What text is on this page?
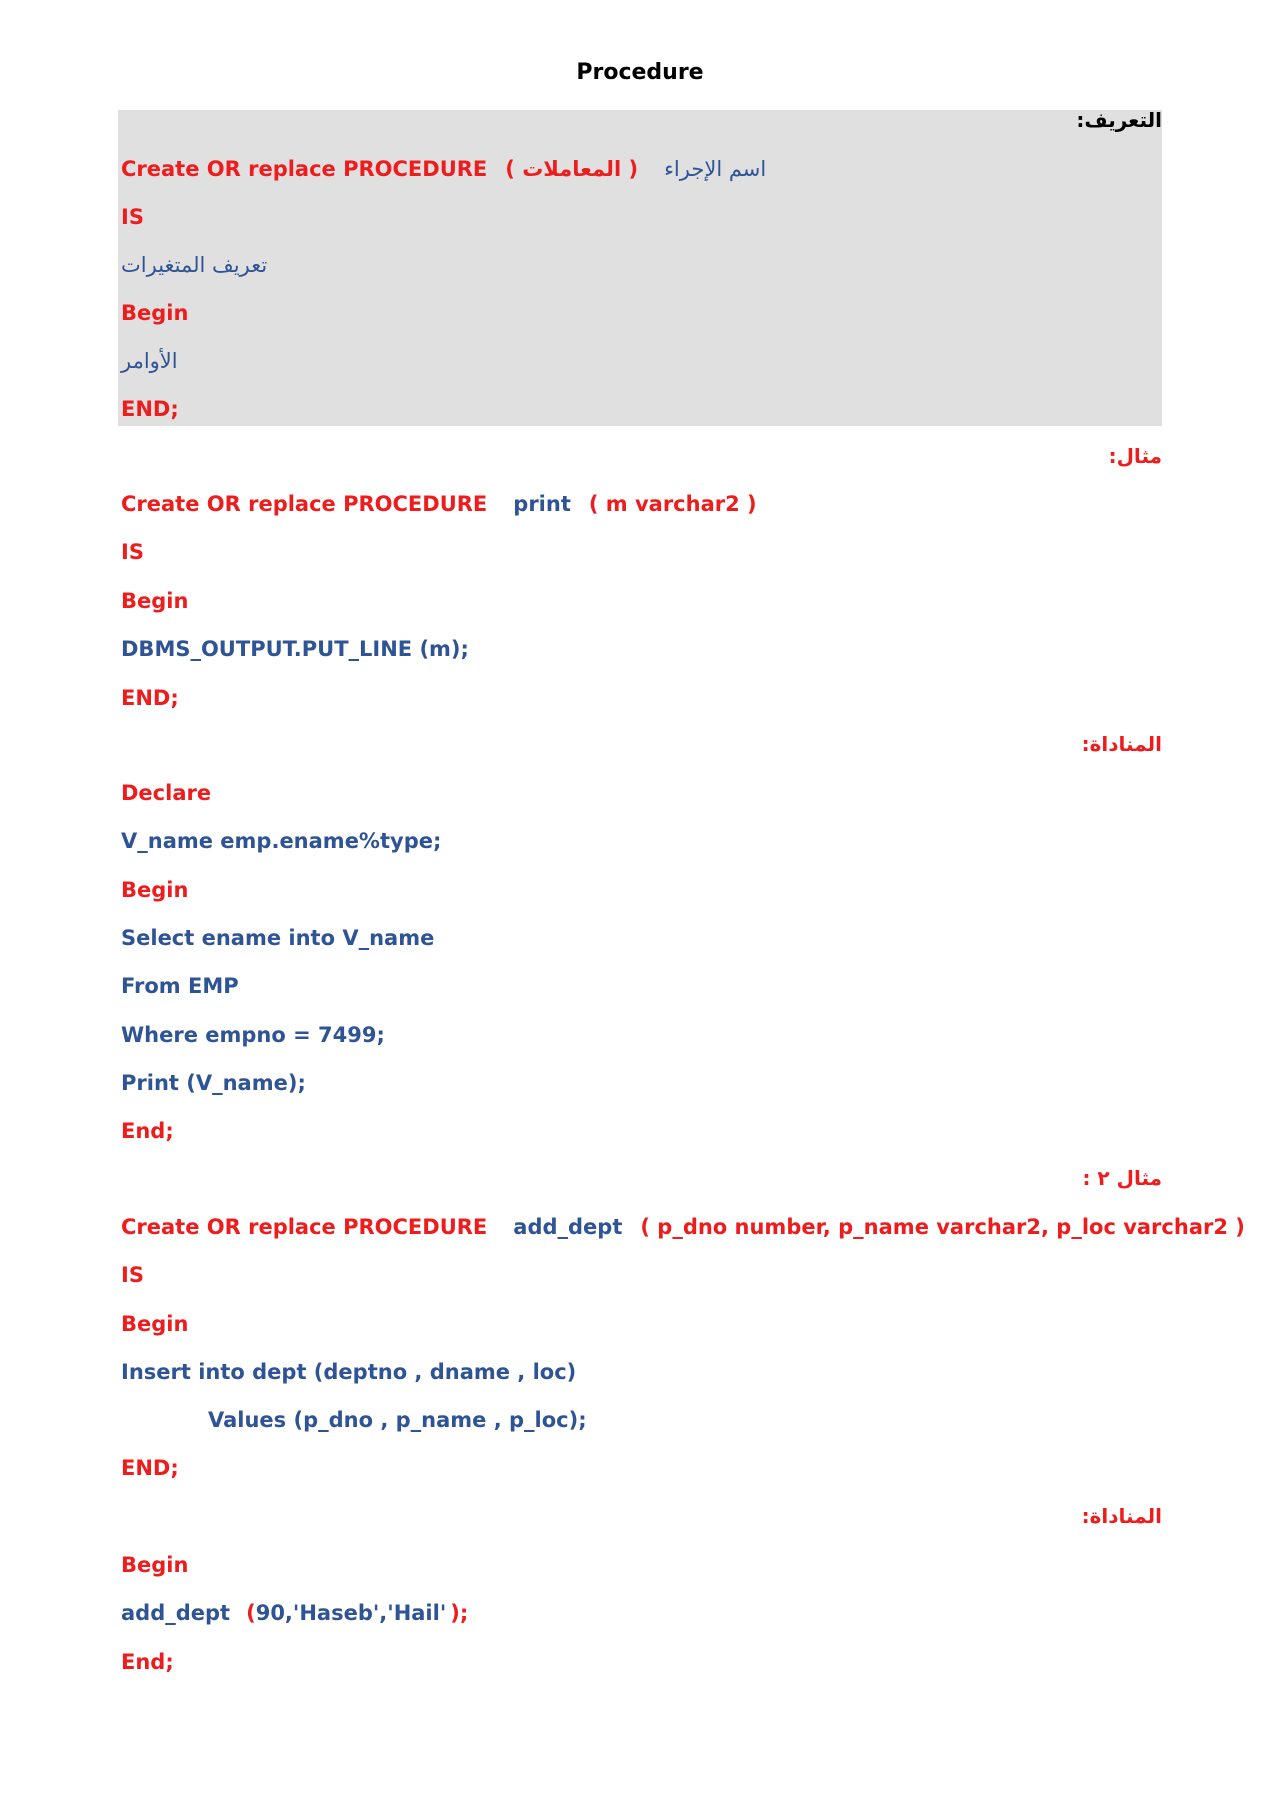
Procedure
التعريف:
Create OR replace PROCEDURE	اسم الإجراء( المعاملات )
IS
تعريف المتغيرات
Begin
الأوامر
END;
مثال:
Create OR replace PROCEDURE print ( m varchar2 )
IS
Begin
DBMS_OUTPUT.PUT_LINE (m);
END;
المناداة:
Declare
V_name emp.ename%type;
Begin
Select ename into V_name
From EMP
Where empno = 7499;
Print (V_name);
End;
مثال ٢ :
Create OR replace PROCEDURE add_dept ( p_dno number, p_name varchar2, p_loc varchar2 )
IS
Begin
Insert into dept (deptno , dname , loc)
Values (p_dno , p_name , p_loc);
END;
المناداة:
Begin
add_dept (90,'Haseb','Hail' );
End;
